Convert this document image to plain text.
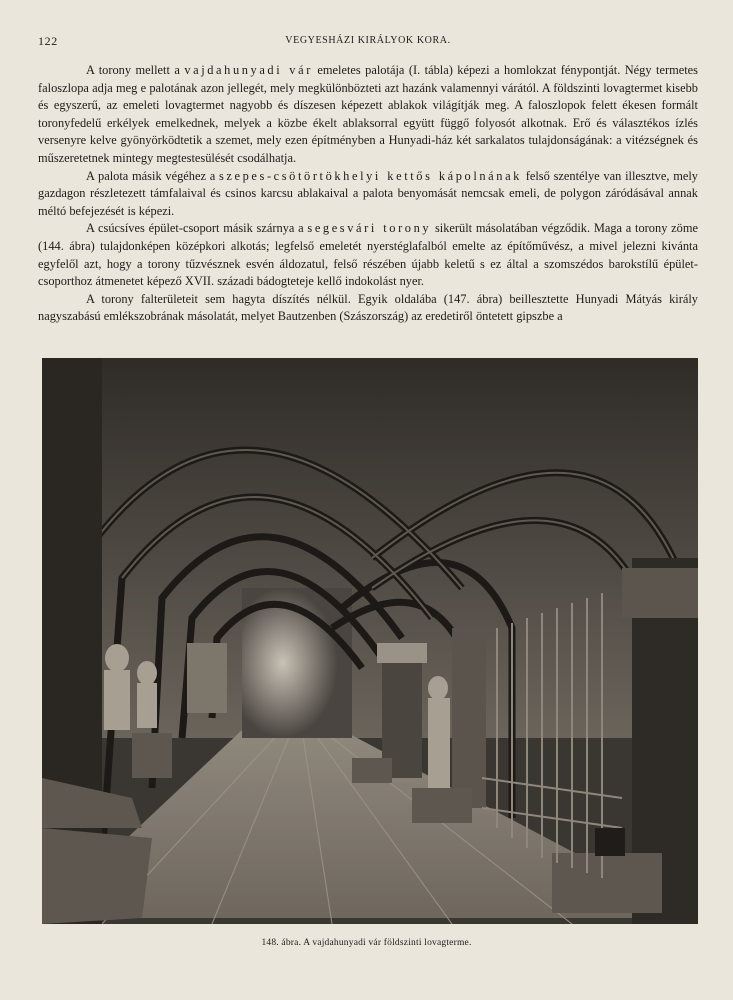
122	VEGYESHÁZI KIRÁLYOK KORA.

A torony mellett a vajdahunyadi vár emeletes palotája (I. tábla) képezi a homlokzat fénypontját. Négy termetes faloszlopa adja meg e palotának azon jellegét, mely megkülönbözteti azt hazánk valamennyi várától. A földszinti lovagtermet kisebb és egyszerű, az emeleti lovagtermet nagyobb és díszesen képezett ablakok világítják meg. A faloszlopok felett ékesen formált toronyfedelű erkélyek emelkednek, melyek a közbe ékelt ablaksorral együtt függő folyosót alkotnak. Erő és választékos ízlés versenyre kelve gyönyörködtetik a szemet, mely ezen építményben a Hunyadi-ház két sarkalatos tulajdonságának: a vitézségnek és műszeretetnek mintegy megtestesülését csodálhatja.

A palota másik végéhez a szepes-csötörtökhelyi kettős kápolnának felső szentélye van illesztve, mely gazdagon részletezett támfalaival és csinos karcsu ablakaival a palota benyomását nemcsak emeli, de polygon záródásával annak méltó befejezését is képezi.

A csúcsíves épület-csoport másik szárnya a segesvári torony sikerült másolatában végződik. Maga a torony zöme (144. ábra) tulajdonképen középkori alkotás; legfelső emeletét nyerstéglafalból emelte az építőművész, a mivel jelezni kivánta egyfelől azt, hogy a torony tűzvésznek esvén áldozatul, felső részében újabb keletű s ez által a szomszédos barokstílű épület-csoporthoz átmenetet képező XVII. századi bádogteteje kellő indokolást nyer.

A torony falterületeit sem hagyta díszítés nélkül. Egyik oldalába (147. ábra) beillesztette Hunyadi Mátyás király nagyszabású emlékszobrának másolatát, melyet Bautzenben (Szászország) az eredetiről öntetett gipszbe a

148. ábra. A vajdahunyadi vár földszinti lovagterme.
